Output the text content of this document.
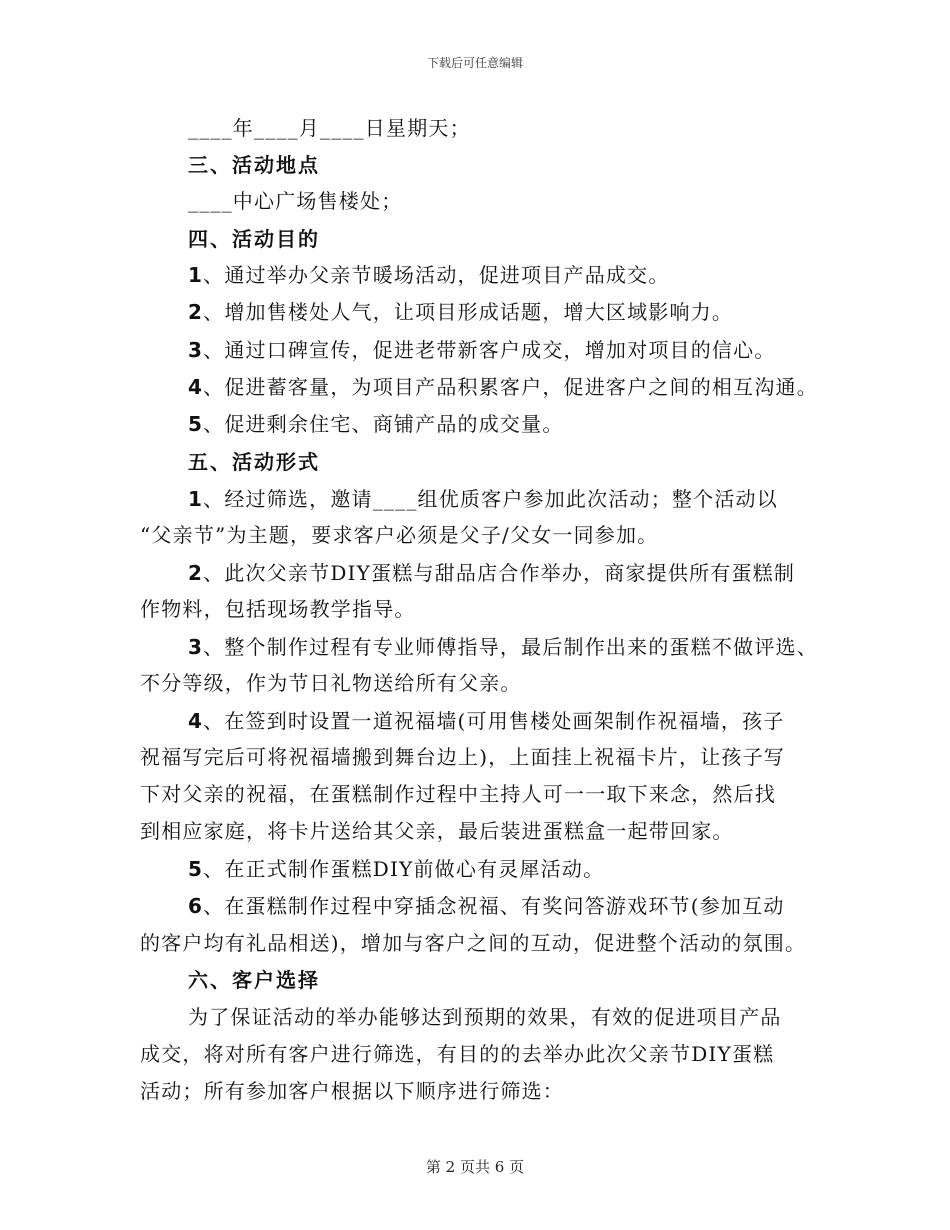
下载后可任意编辑
____年____月____日星期天；
三、活动地点
____中心广场售楼处；
四、活动目的
1、通过举办父亲节暖场活动，促进项目产品成交。
2、增加售楼处人气，让项目形成话题，增大区域影响力。
3、通过口碑宣传，促进老带新客户成交，增加对项目的信心。
4、促进蓄客量，为项目产品积累客户，促进客户之间的相互沟通。
5、促进剩余住宅、商铺产品的成交量。
五、活动形式
1、经过筛选，邀请____组优质客户参加此次活动；整个活动以
“父亲节”为主题，要求客户必须是父子/父女一同参加。
2、此次父亲节DIY蛋糕与甜品店合作举办，商家提供所有蛋糕制
作物料，包括现场教学指导。
3、整个制作过程有专业师傅指导，最后制作出来的蛋糕不做评选、
不分等级，作为节日礼物送给所有父亲。
4、在签到时设置一道祝福墙(可用售楼处画架制作祝福墙，孩子
祝福写完后可将祝福墙搬到舞台边上)，上面挂上祝福卡片，让孩子写
下对父亲的祝福，在蛋糕制作过程中主持人可一一取下来念，然后找
到相应家庭，将卡片送给其父亲，最后装进蛋糕盒一起带回家。
5、在正式制作蛋糕DIY前做心有灵犀活动。
6、在蛋糕制作过程中穿插念祝福、有奖问答游戏环节(参加互动
的客户均有礼品相送)，增加与客户之间的互动，促进整个活动的氛围。
六、客户选择
为了保证活动的举办能够达到预期的效果，有效的促进项目产品
成交，将对所有客户进行筛选，有目的的去举办此次父亲节DIY蛋糕
活动；所有参加客户根据以下顺序进行筛选：
第 2 页共 6 页
